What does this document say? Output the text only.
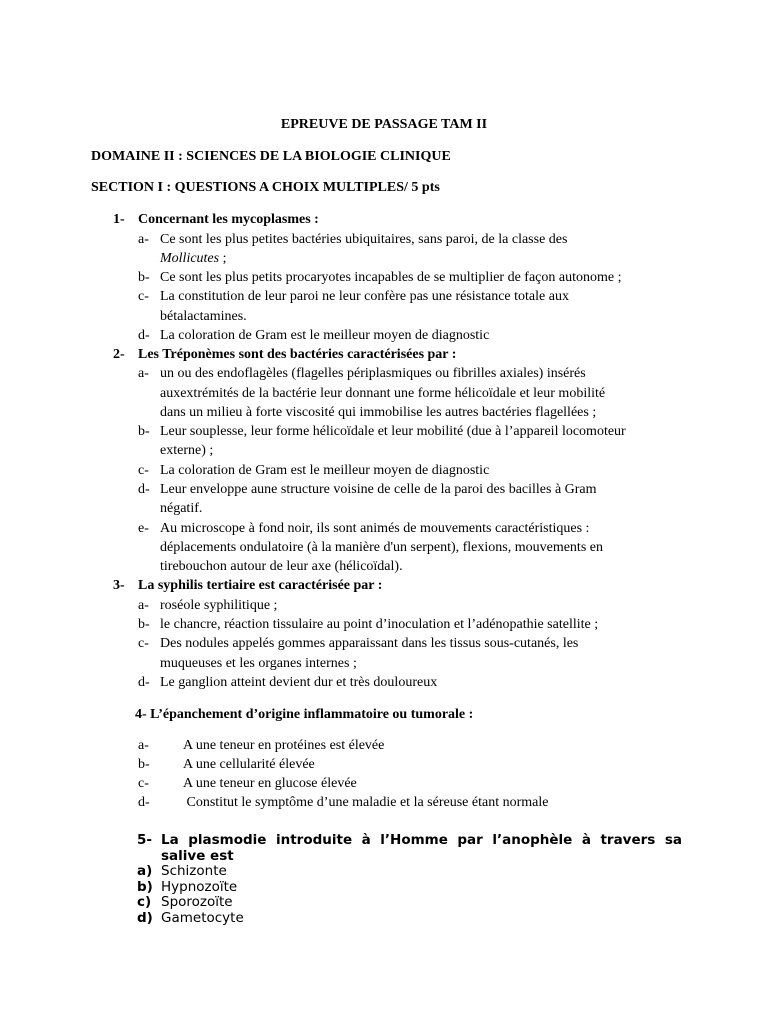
EPREUVE DE PASSAGE TAM II
DOMAINE II : SCIENCES DE LA BIOLOGIE CLINIQUE
SECTION I : QUESTIONS A CHOIX MULTIPLES/ 5 pts
1- Concernant les mycoplasmes :
a- Ce sont les plus petites bactéries ubiquitaires, sans paroi, de la classe des
Mollicutes ;
b- Ce sont les plus petits procaryotes incapables de se multiplier de façon autonome ;
c- La constitution de leur paroi ne leur confère pas une résistance totale aux
bétalactamines.
d- La coloration de Gram est le meilleur moyen de diagnostic
2- Les Tréponèmes sont des bactéries caractérisées par :
a- un ou des endoflagèles (flagelles périplasmiques ou fibrilles axiales) insérés
auxextrémités de la bactérie leur donnant une forme hélicoïdale et leur mobilité
dans un milieu à forte viscosité qui immobilise les autres bactéries flagellées ;
b- Leur souplesse, leur forme hélicoïdale et leur mobilité (due à l’appareil locomoteur
externe) ;
c- La coloration de Gram est le meilleur moyen de diagnostic
d- Leur enveloppe aune structure voisine de celle de la paroi des bacilles à Gram
négatif.
e- Au microscope à fond noir, ils sont animés de mouvements caractéristiques :
déplacements ondulatoire (à la manière d'un serpent), flexions, mouvements en
tirebouchon autour de leur axe (hélicoïdal).
3- La syphilis tertiaire est caractérisée par :
a- roséole syphilitique ;
b- le chancre, réaction tissulaire au point d’inoculation et l’adénopathie satellite ;
c- Des nodules appelés gommes apparaissant dans les tissus sous-cutanés, les
muqueuses et les organes internes ;
d- Le ganglion atteint devient dur et très douloureux
4- L’épanchement d’origine inflammatoire ou tumorale :
a- A une teneur en protéines est élevée
b- A une cellularité élevée
c- A une teneur en glucose élevée
d- Constitut le symptôme d’une maladie et la séreuse étant normale
5- La plasmodie introduite à l’Homme par l’anophèle à travers sa salive est
a) Schizonte
b) Hypnozoïte
c) Sporozoïte
d) Gametocyte
